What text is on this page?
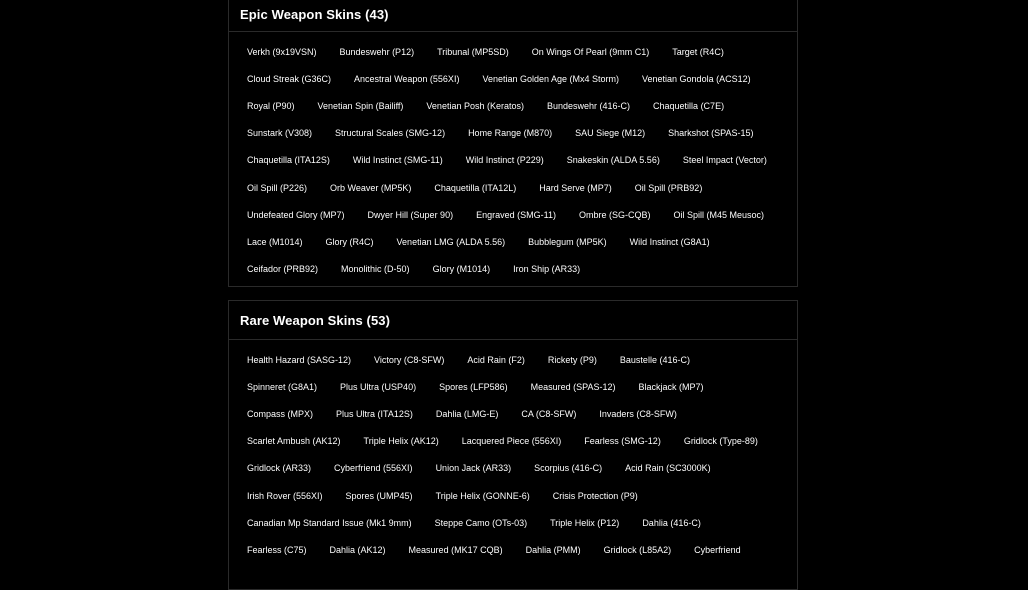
Epic Weapon Skins (43)
Verkh (9x19VSN)	Bundeswehr (P12)	Tribunal (MP5SD)	On Wings Of Pearl (9mm C1)	Target (R4C)
Cloud Streak (G36C)	Ancestral Weapon (556XI)	Venetian Golden Age (Mx4 Storm)	Venetian Gondola (ACS12)
Royal (P90)	Venetian Spin (Bailiff)	Venetian Posh (Keratos)	Bundeswehr (416-C)	Chaquetilla (C7E)
Sunstark (V308)	Structural Scales (SMG-12)	Home Range (M870)	SAU Siege (M12)	Sharkshot (SPAS-15)
Chaquetilla (ITA12S)	Wild Instinct (SMG-11)	Wild Instinct (P229)	Snakeskin (ALDA 5.56)	Steel Impact (Vector)
Oil Spill (P226)	Orb Weaver (MP5K)	Chaquetilla (ITA12L)	Hard Serve (MP7)	Oil Spill (PRB92)
Undefeated Glory (MP7)	Dwyer Hill (Super 90)	Engraved (SMG-11)	Ombre (SG-CQB)	Oil Spill (M45 Meusoc)
Lace (M1014)	Glory (R4C)	Venetian LMG (ALDA 5.56)	Bubblegum (MP5K)	Wild Instinct (G8A1)
Ceifador (PRB92)	Monolithic (D-50)	Glory (M1014)	Iron Ship (AR33)
Rare Weapon Skins (53)
Health Hazard (SASG-12)	Victory (C8-SFW)	Acid Rain (F2)	Rickety (P9)	Baustelle (416-C)
Spinneret (G8A1)	Plus Ultra (USP40)	Spores (LFP586)	Measured (SPAS-12)	Blackjack (MP7)
Compass (MPX)	Plus Ultra (ITA12S)	Dahlia (LMG-E)	CA (C8-SFW)	Invaders (C8-SFW)
Scarlet Ambush (AK12)	Triple Helix (AK12)	Lacquered Piece (556XI)	Fearless (SMG-12)	Gridlock (Type-89)
Gridlock (AR33)	Cyberfriend (556XI)	Union Jack (AR33)	Scorpius (416-C)	Acid Rain (SC3000K)
Irish Rover (556XI)	Spores (UMP45)	Triple Helix (GONNE-6)	Crisis Protection (P9)
Canadian Mp Standard Issue (Mk1 9mm)	Steppe Camo (OTs-03)	Triple Helix (P12)	Dahlia (416-C)
Fearless (C75)	Dahlia (AK12)	Measured (MK17 CQB)	Dahlia (PMM)	Gridlock (L85A2)	Cyberfriend
